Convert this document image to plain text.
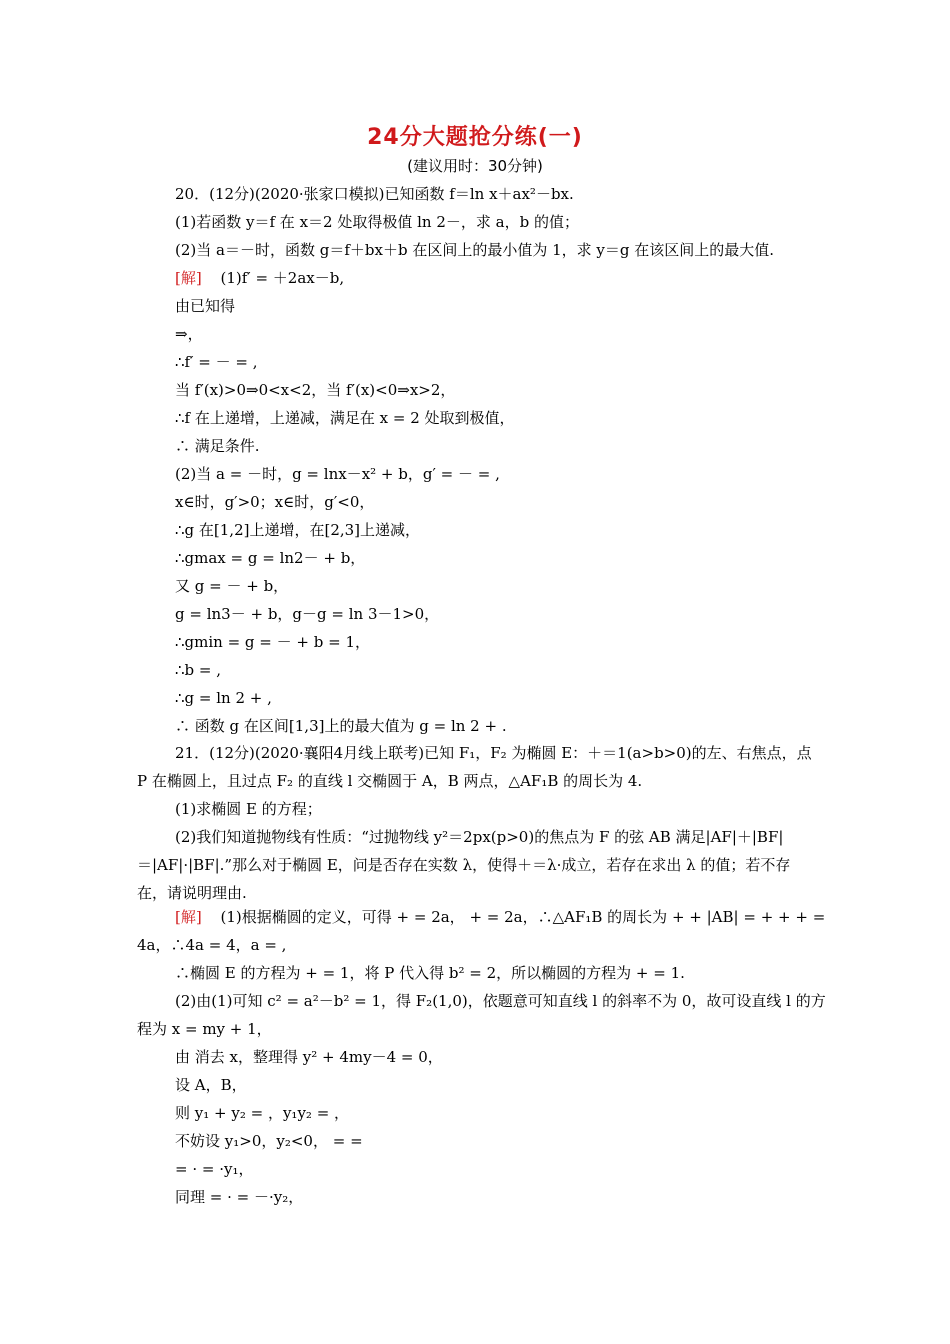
24分大题抢分练(一)
(建议用时：30分钟)
20．(12分)(2020·张家口模拟)已知函数 f＝ln x＋ax²－bx.
(1)若函数 y＝f 在 x＝2 处取得极值 ln 2－，求 a，b 的值；
(2)当 a＝－时，函数 g＝f＋bx＋b 在区间上的最小值为 1，求 y＝g 在该区间上的最大值.
[解] (1)f′ = ＋2ax－b,
由已知得
⇒，
∴f′ = － = ,
当 f′(x)>0⇒0<x<2，当 f′(x)<0⇒x>2，
∴f 在上递增，上递减，满足在 x = 2 处取到极值，
∴ 满足条件.
(2)当 a = －时，g = lnx－x² + b，g′ = － = ,
x∈时，g′>0；x∈时，g′<0，
∴g 在[1,2]上递增，在[2,3]上递减，
∴gmax = g = ln2－ + b，
又 g = － + b，
g = ln3－ + b，g－g = ln 3－1>0，
∴gmin = g = － + b = 1，
∴b = ,
∴g = ln 2 + ,
∴ 函数 g 在区间[1,3]上的最大值为 g = ln 2 + .
21．(12分)(2020·襄阳4月线上联考)已知 F₁，F₂ 为椭圆 E：＋＝1(a>b>0)的左、右焦点，点
P 在椭圆上，且过点 F₂ 的直线 l 交椭圆于 A，B 两点，△AF₁B 的周长为 4.
(1)求椭圆 E 的方程；
(2)我们知道抛物线有性质：“过抛物线 y²＝2px(p>0)的焦点为 F 的弦 AB 满足|AF|＋|BF|
＝|AF|·|BF|.”那么对于椭圆 E，问是否存在实数 λ，使得＋＝λ·成立，若存在求出 λ 的值；若不存
在，请说明理由.
[解] (1)根据椭圆的定义，可得 + = 2a， + = 2a，∴△AF₁B 的周长为 + + |AB| = + + + =
4a，∴4a = 4，a = ,
∴椭圆 E 的方程为 + = 1，将 P 代入得 b² = 2，所以椭圆的方程为 + = 1.
(2)由(1)可知 c² = a²－b² = 1，得 F₂(1,0)，依题意可知直线 l 的斜率不为 0，故可设直线 l 的方
程为 x = my + 1，
由 消去 x，整理得 y² + 4my－4 = 0，
设 A，B，
则 y₁ + y₂ = ，y₁y₂ = ，
不妨设 y₁>0，y₂<0， = =
= · = ·y₁，
同理 = · = －·y₂，
